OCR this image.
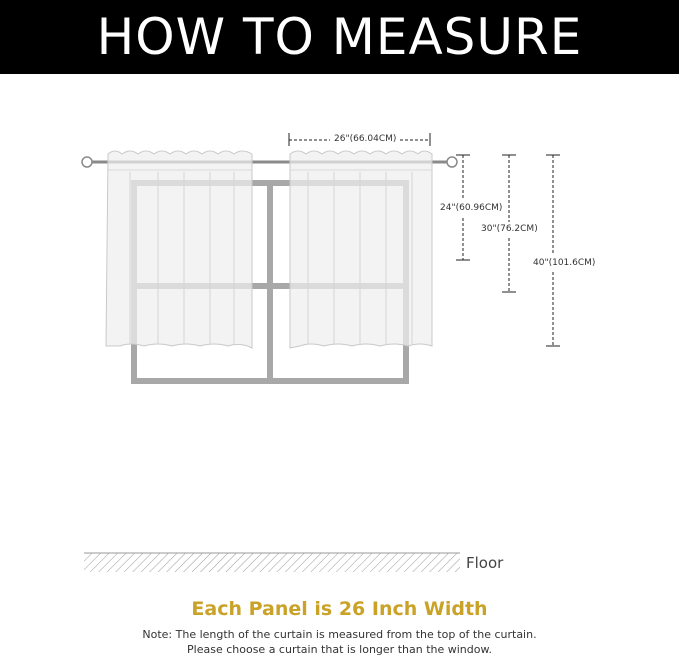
HOW TO MEASURE
26"(66.04CM)
24"(60.96CM)
30"(76.2CM)
40"(101.6CM)
Floor
Each Panel is 26 Inch Width
Note: The length of the curtain is measured from the top of the curtain.
Please choose a curtain that is longer than the window.
